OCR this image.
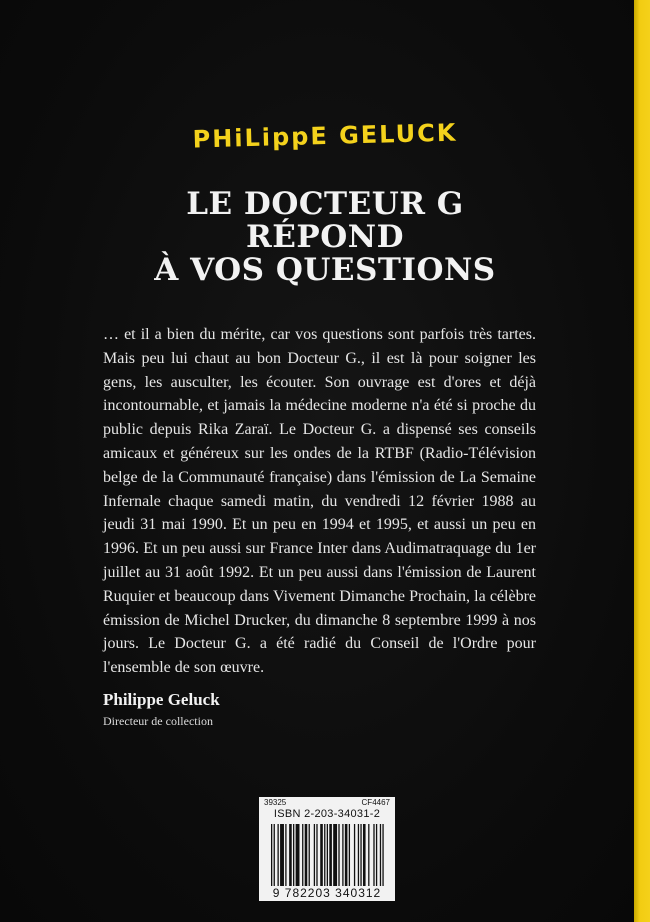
PHiLippE GELUCK
LE DOCTEUR G
RÉPOND
À VOS QUESTIONS
… et il a bien du mérite, car vos questions sont parfois très tartes. Mais peu lui chaut au bon Docteur G., il est là pour soigner les gens, les ausculter, les écouter. Son ouvrage est d'ores et déjà incontournable, et jamais la médecine moderne n'a été si proche du public depuis Rika Zaraï. Le Docteur G. a dispensé ses conseils amicaux et généreux sur les ondes de la RTBF (Radio-Télévision belge de la Communauté française) dans l'émission de La Semaine Infernale chaque samedi matin, du vendredi 12 février 1988 au jeudi 31 mai 1990. Et un peu en 1994 et 1995, et aussi un peu en 1996. Et un peu aussi sur France Inter dans Audimatraquage du 1er juillet au 31 août 1992. Et un peu aussi dans l'émission de Laurent Ruquier et beaucoup dans Vivement Dimanche Prochain, la célèbre émission de Michel Drucker, du dimanche 8 septembre 1999 à nos jours. Le Docteur G. a été radié du Conseil de l'Ordre pour l'ensemble de son œuvre.
Philippe Geluck
Directeur de collection
39325	CF4467
ISBN 2-203-34031-2
9 782203 340312
